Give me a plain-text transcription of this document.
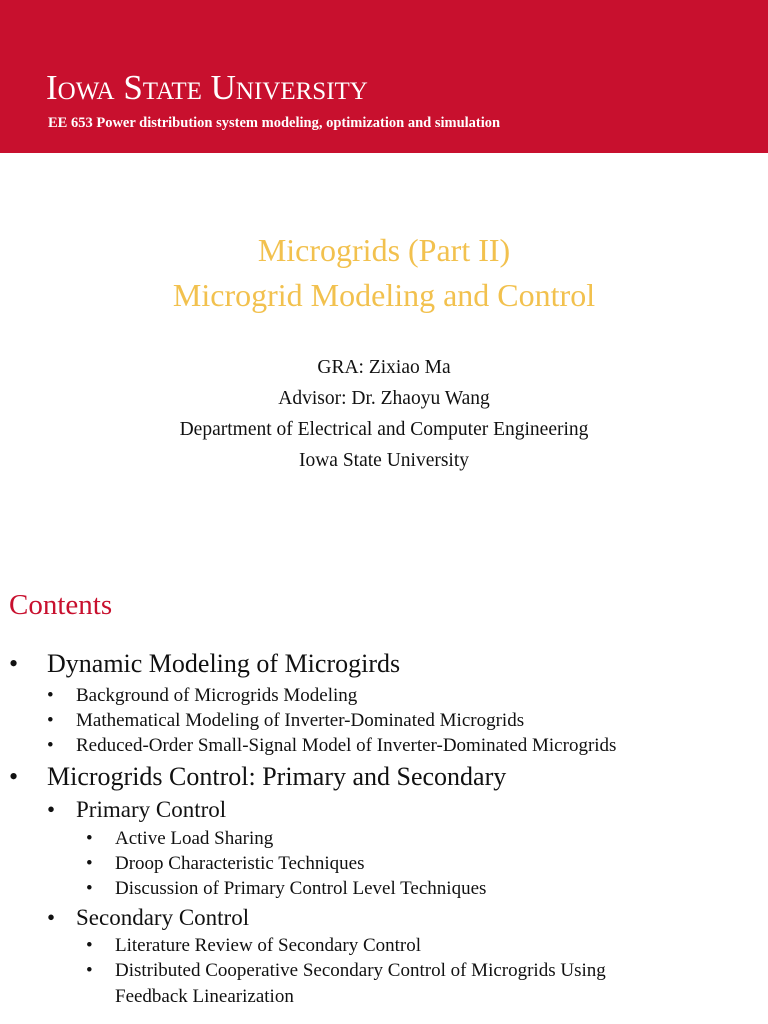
Iowa State University

EE 653 Power distribution system modeling, optimization and simulation

Microgrids (Part II)
Microgrid Modeling and Control

GRA: Zixiao Ma

Advisor: Dr. Zhaoyu Wang

Department of Electrical and Computer Engineering

Iowa State University

Contents
• Dynamic Modeling of Microgirds
• Background of Microgrids Modeling
• Mathematical Modeling of Inverter-Dominated Microgrids
• Reduced-Order Small-Signal Model of Inverter-Dominated Microgrids
• Microgrids Control: Primary and Secondary
• Primary Control
• Active Load Sharing
• Droop Characteristic Techniques
• Discussion of Primary Control Level Techniques
• Secondary Control
• Literature Review of Secondary Control
• Distributed Cooperative Secondary Control of Microgrids Using
Feedback Linearization
